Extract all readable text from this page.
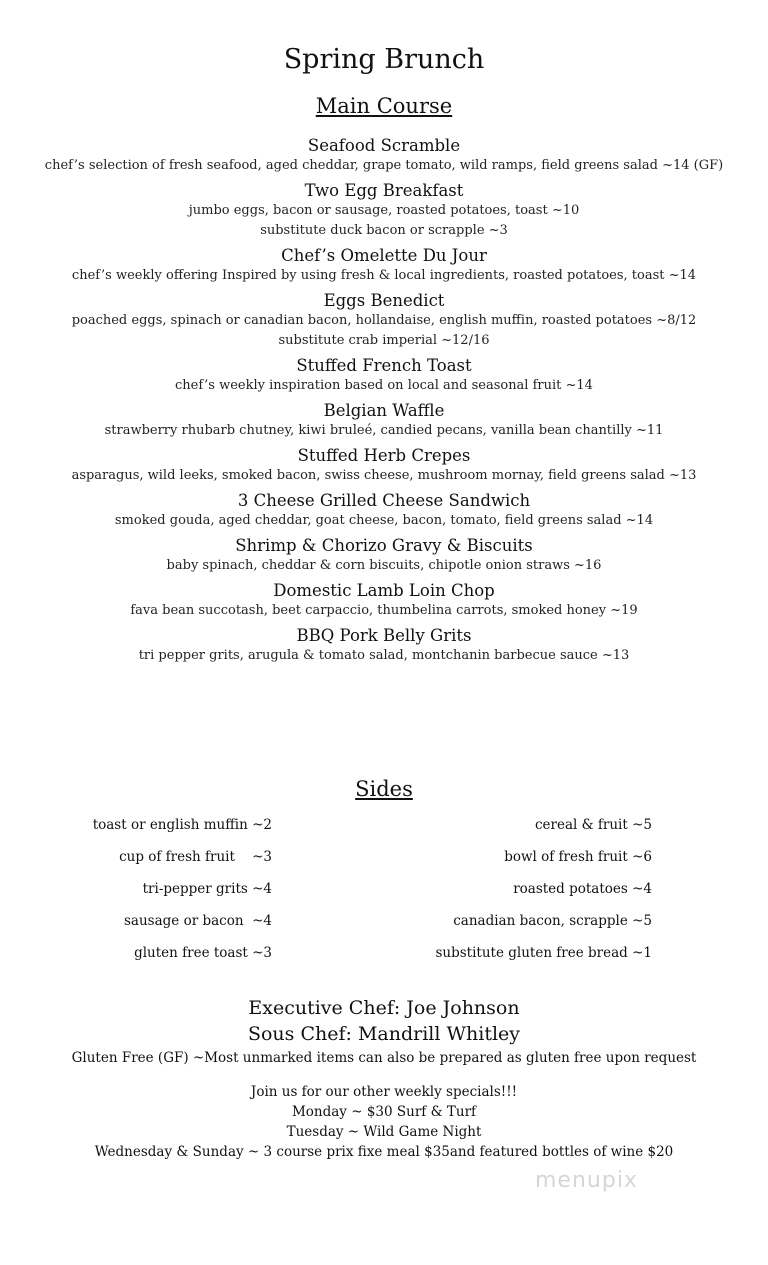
Spring Brunch
Main Course
Seafood Scramble
chef’s selection of fresh seafood, aged cheddar, grape tomato, wild ramps, field greens salad ~14 (GF)
Two Egg Breakfast
jumbo eggs, bacon or sausage, roasted potatoes, toast ~10
substitute duck bacon or scrapple ~3
Chef’s Omelette Du Jour
chef’s weekly offering Inspired by using fresh & local ingredients, roasted potatoes, toast ~14
Eggs Benedict
poached eggs, spinach or canadian bacon, hollandaise, english muffin, roasted potatoes ~8/12
substitute crab imperial ~12/16
Stuffed French Toast
chef’s weekly inspiration based on local and seasonal fruit ~14
Belgian Waffle
strawberry rhubarb chutney, kiwi bruleé, candied pecans, vanilla bean chantilly ~11
Stuffed Herb Crepes
asparagus, wild leeks, smoked bacon, swiss cheese, mushroom mornay, field greens salad ~13
3 Cheese Grilled Cheese Sandwich
smoked gouda, aged cheddar, goat cheese, bacon, tomato, field greens salad ~14
Shrimp & Chorizo Gravy & Biscuits
baby spinach, cheddar & corn biscuits, chipotle onion straws ~16
Domestic Lamb Loin Chop
fava bean succotash, beet carpaccio, thumbelina carrots, smoked honey ~19
BBQ Pork Belly Grits
tri pepper grits, arugula & tomato salad, montchanin barbecue sauce ~13
Sides
toast or english muffin ~2	cereal & fruit ~5
cup of fresh fruit    ~3	bowl of fresh fruit ~6
tri-pepper grits ~4	roasted potatoes ~4
sausage or bacon  ~4	canadian bacon, scrapple ~5
gluten free toast ~3	substitute gluten free bread ~1
Executive Chef: Joe Johnson
Sous Chef: Mandrill Whitley
Gluten Free (GF) ~Most unmarked items can also be prepared as gluten free upon request
Join us for our other weekly specials!!!
Monday ~ $30 Surf & Turf
Tuesday ~ Wild Game Night
Wednesday & Sunday ~ 3 course prix fixe meal $35and featured bottles of wine $20
menupix
